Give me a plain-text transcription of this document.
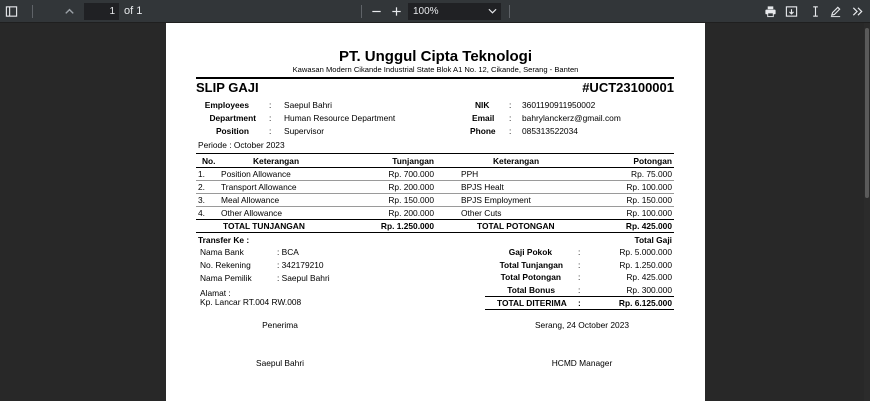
1
of 1	100%
PT. Unggul Cipta Teknologi
Kawasan Modern Cikande Industrial State Blok A1 No. 12, Cikande, Serang - Banten
SLIP GAJI	#UCT23100001
Employees : Saepul Bahri
Department : Human Resource Department
Position : Supervisor
NIK : 3601190911950002
Email : bahrylanckerz@gmail.com
Phone : 085313522034
Periode : October 2023
No.	Keterangan	Tunjangan	Keterangan	Potongan
1. Position Allowance	Rp. 700.000	PPH	Rp. 75.000
2. Transport Allowance	Rp. 200.000	BPJS Healt	Rp. 100.000
3. Meal Allowance	Rp. 150.000	BPJS Employment	Rp. 150.000
4. Other Allowance	Rp. 200.000	Other Cuts	Rp. 100.000
TOTAL TUNJANGAN	Rp. 1.250.000	TOTAL POTONGAN	Rp. 425.000
Transfer Ke :
Nama Bank	: BCA
No. Rekening	: 342179210
Nama Pemilik	: Saepul Bahri
Alamat :
Kp. Lancar RT.004 RW.008
Total Gaji
Gaji Pokok	:	Rp. 5.000.000
Total Tunjangan :	Rp. 1.250.000
Total Potongan :	Rp. 425.000
Total Bonus	:	Rp. 300.000
TOTAL DITERIMA :	Rp. 6.125.000
Penerima	Serang, 24 October 2023
Saepul Bahri	HCMD Manager
